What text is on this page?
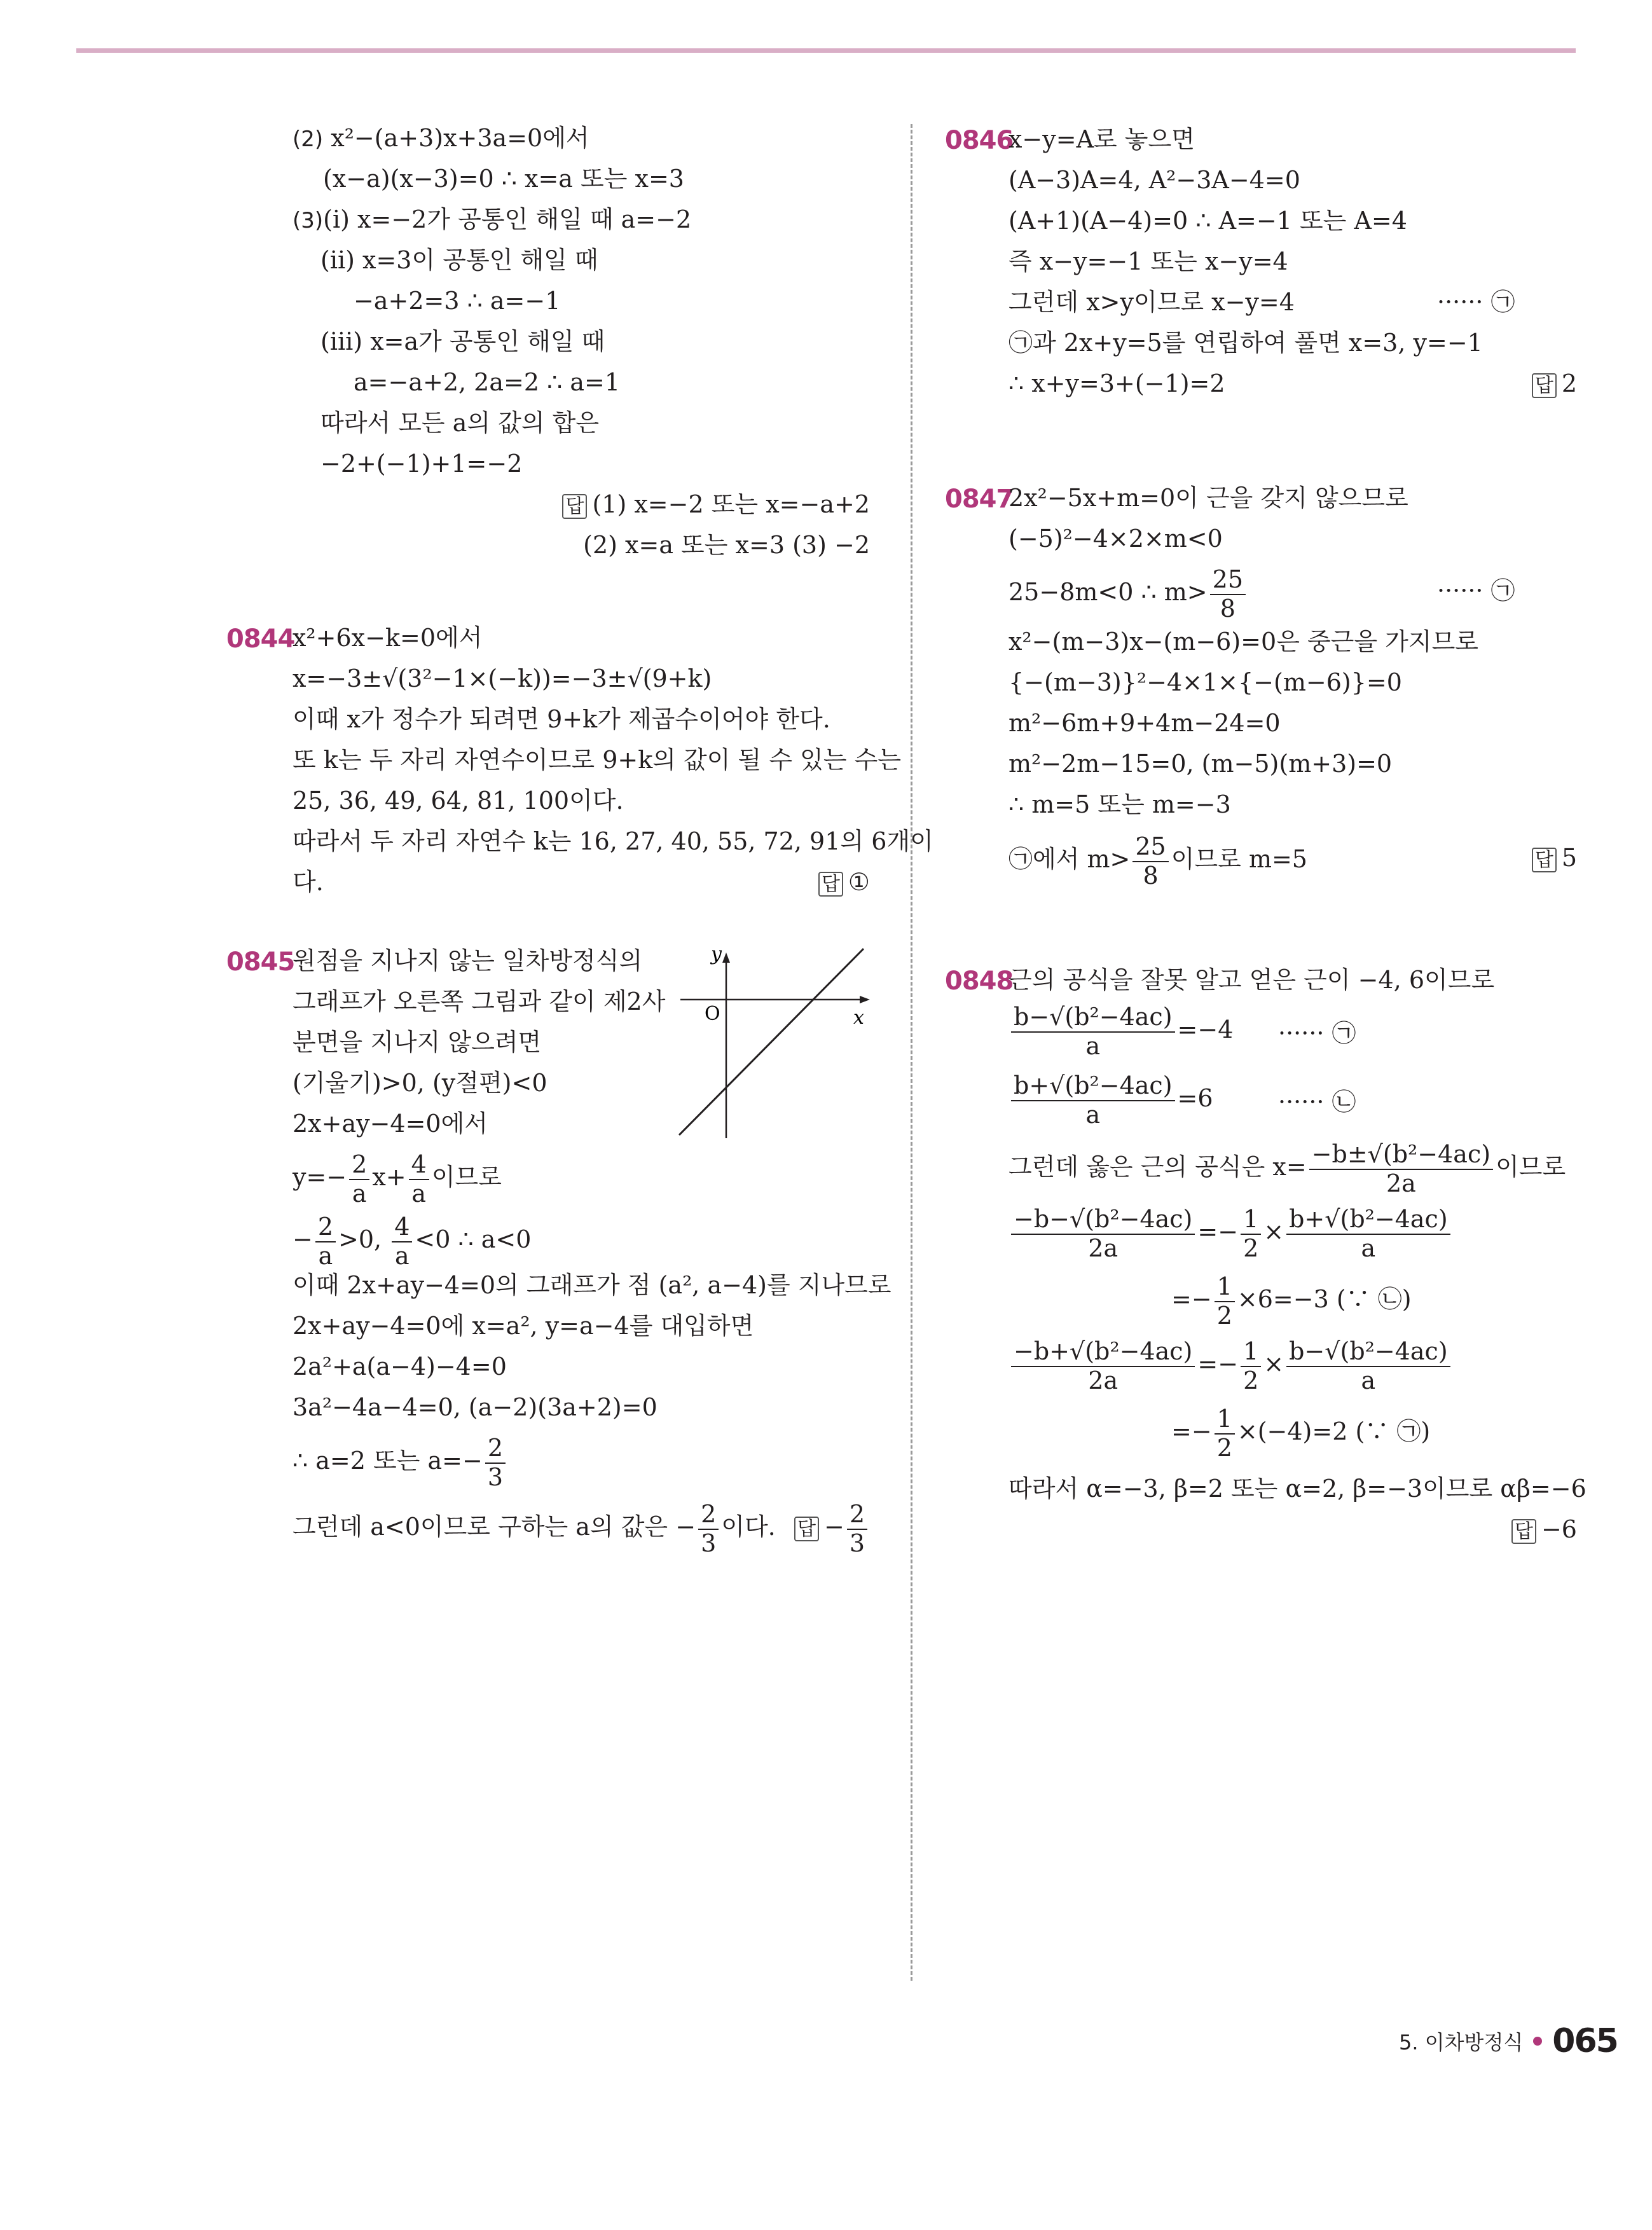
(2) x²−(a+3)x+3a=0에서
(x−a)(x−3)=0 ∴ x=a 또는 x=3
(3)(ⅰ) x=−2가 공통인 해일 때 a=−2
(ⅱ) x=3이 공통인 해일 때
−a+2=3 ∴ a=−1
(ⅲ) x=a가 공통인 해일 때
a=−a+2, 2a=2 ∴ a=1
따라서 모든 a의 값의 합은
−2+(−1)+1=−2
답 (1) x=−2 또는 x=−a+2
(2) x=a 또는 x=3 (3) −2
0844
x²+6x−k=0에서
x=−3±√(3²−1×(−k))=−3±√(9+k)
이때 x가 정수가 되려면 9+k가 제곱수이어야 한다.
또 k는 두 자리 자연수이므로 9+k의 값이 될 수 있는 수는
25, 36, 49, 64, 81, 100이다.
따라서 두 자리 자연수 k는 16, 27, 40, 55, 72, 91의 6개이
다.	답 ①
0845
원점을 지나지 않는 일차방정식의
그래프가 오른쪽 그림과 같이 제2사
분면을 지나지 않으려면
(기울기)>0, (y절편)<0
2x+ay−4=0에서
y
x
O
$y=- \frac{2}{a} x+ \frac{4}{a}$ 이므로
− $\frac{2}{a} >0$, $\frac{4}{a} <0$ ∴ a<0
이때 2x+ay−4=0의 그래프가 점 (a², a−4)를 지나므로
2x+ay−4=0에 x=a², y=a−4를 대입하면
2a²+a(a−4)−4=0
3a²−4a−4=0, (a−2)(3a+2)=0
∴ a=2 또는 $a=- \frac{2}{3}$
그런데 a<0이므로 구하는 a의 값은 − $\frac{2}{3}$ 이다. 답 − $\frac{2}{3}$
0846
x−y=A로 놓으면
(A−3)A=4, A²−3A−4=0
(A+1)(A−4)=0 ∴ A=−1 또는 A=4
즉 x−y=−1 또는 x−y=4
그런데 x>y이므로 x−y=4	······ ㉠
㉠과 2x+y=5를 연립하여 풀면 x=3, y=−1
∴ x+y=3+(−1)=2	답 2
0847
2x²−5x+m=0이 근을 갖지 않으므로
(−5)²−4×2×m<0
25−8m<0 ∴ $m> \frac{25}{8}$	······ ㉠
x²−(m−3)x−(m−6)=0은 중근을 가지므로
{−(m−3)}²−4×1×{−(m−6)}=0
m²−6m+9+4m−24=0
m²−2m−15=0, (m−5)(m+3)=0
∴ m=5 또는 m=−3
㉠에서 $m> \frac{25}{8}$ 이므로 m=5	답 5
0848
근의 공식을 잘못 알고 얻은 근이 −4, 6이므로
$\frac{\text{b−√(b²−4ac)}}{a} =-4$ ······ ㉠
$\frac{\text{b+√(b²−4ac)}}{a} =6$	······ ㉡
그런데 옳은 근의 공식은 $x= \frac{\text{−b±√(b²−4ac)}}{2a}$ 이므로
$\frac{\text{−b−√(b²−4ac)}}{2a} =- \frac{1}{2} \times \frac{\text{b+√(b²−4ac)}}{a}$
=− $\frac{1}{2} \times 6=-3$ (∵ ㉡)
$\frac{\text{−b+√(b²−4ac)}}{2a} =- \frac{1}{2} \times \frac{\text{b−√(b²−4ac)}}{a}$
=− $\frac{1}{2} \times(-4)=2$ (∵ ㉠)
따라서 α=−3, β=2 또는 α=2, β=−3이므로 αβ=−6
답 −6
5. 이차방정식 065
